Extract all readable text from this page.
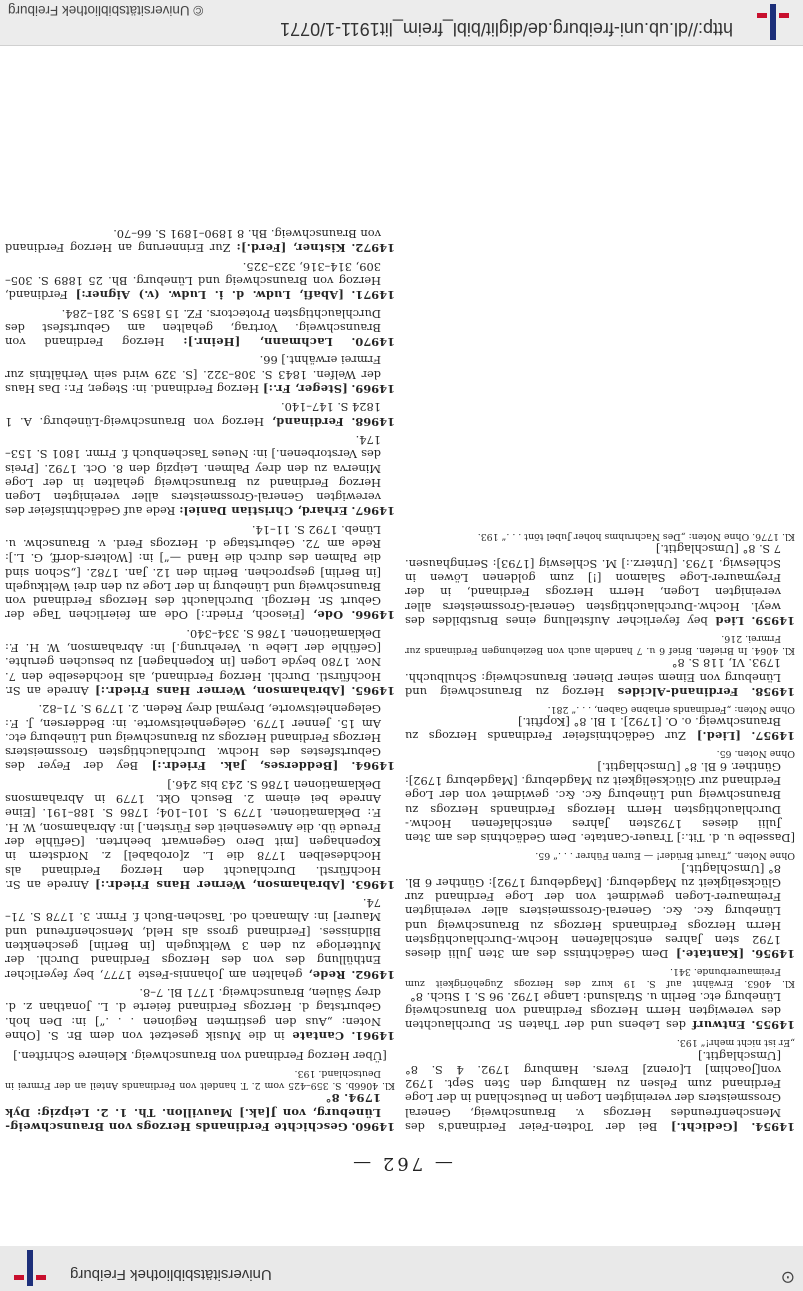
⊙
Universitätsbibliothek Freiburg
— 762 —
14954. [Gedicht.] Bei der Todten-Feier Ferdinand's des Menschenfreundes Herzogs v. Braunschweig, General Grossmeisters der vereinigten Logen in Deutschland in der Loge Ferdinand zum Felsen zu Hamburg den 5ten Sept. 1792 von[Joachim] L[orenz] Evers. Hamburg 1792. 4 S. 8° [Umschlagtit.]
„Er ist nicht mehr!“ 193.
14955. Entwurf des Lebens und der Thaten Sr. Durchlauchten des verewigten Herrn Herzogs Ferdinand von Braunschweig Lüneburg etc. Berlin u. Stralsund: Lange 1792. 96 S. 1 Stich. 8°
Kl. 4063. Erwähnt auf S. 19 kurz des Herzogs Zugehörigkeit zum Freimaurerbunde. 341.
14956. [Kantate.] Dem Gedächtniss des am 3ten Julii dieses 1792 sten Jahres entschlafenen Hochw.-Durchlauchtigsten Herrn Herzogs Ferdinands Herzogs zu Braunschweig und Lüneburg &c. &c. General-Grossmeisters aller vereinigten Freimaurer-Logen gewidmet von der Loge Ferdinand zur Glückseligkeit zu Magdeburg. [Magdeburg 1792]: Günther 6 Bl. 8° [Umschlagtit.]
Ohne Noten. „Traurt Brüder! — Euren Führer . . .“ 65.
[Dasselbe u. d. Tit.:] Trauer-Cantate. Dem Gedächtnis des am 3ten Julii dieses 1792sten Jahres entschlafenen Hochw.-Durchlauchtigsten Herrn Herzogs Ferdinands Herzogs zu Braunschweig und Lüneburg &c. &c. gewidmet von der Loge Ferdinand zur Glückseligkeit zu Magdeburg. [Magdeburg 1792]: Günther. 6 Bl. 8° [Umschlagtit.]
Ohne Noten. 65.
14957. [Lied.] Zur Gedächtnisfeier Ferdinands Herzogs zu Braunschweig. o. O. [1792]. 1 Bl. 8° [Kopftit.]
Ohne Noten: „Ferdinands erhabne Gaben, . . .“ 281.
14958. Ferdinand-Alcides Herzog zu Braunschweig und Lüneburg von Einem seiner Diener. Braunschweig: Schulbuchh. 1793. VI, 118 S. 8°
Kl. 4064. In Briefen. Brief 6 u. 7 handeln auch von Beziehungen Ferdinands zur Frmrei. 216.
14959. Lied bey feyerlicher Aufstellung eines Brustbildes des weyl. Hochw.-Durchlauchtigsten General-Grossmeisters aller vereinigten Logen, Herrn Herzogs Ferdinand, in der Freymaurer-Loge Salamon [!] zum goldenen Löwen in Schleswig. 1793. [Unterz.:] M. Schleswig [1793]: Seringhausen. 7 S. 8° [Umschlagtit.]
Kl. 1776. Ohne Noten: „Des Nachruhms hoher Jubel tönt . . .“ 193.
14960. Geschichte Ferdinands Herzogs von Braunschweig-Lüneburg, von J[ak.] Mauvillon. Th. 1. 2. Leipzig: Dyk 1794. 8°
Kl. 4066b. S. 359–425 vom 2. T. handelt von Ferdinands Anteil an der Frmrei in Deutschland. 193.
[Über Herzog Ferdinand von Braunschweig. Kleinere Schriften.]
14961. Cantate in die Musik gesetzet von dem Br. S. [Ohne Noten: „Aus den gestirnten Regionen . . .“] in: Den hoh. Geburtstag d. Herzogs Ferdinand feierte d. L. Jonathan z. d. drey Säulen, Braunschweig. 1771 Bl. 7–8.
14962. Rede, gehalten am Johannis-Feste 1777, bey feyerlicher Enthüllung des von des Herzogs Ferdinand Durchl. der Mutterloge zu den 3 Weltkugeln [in Berlin] geschenkten Bildnisses. [Ferdinand gross als Held, Menschenfreund und Maurer] in: Almanach od. Taschen-Buch f. Frmr. 3. 1778 S. 71–74.
14963. [Abrahamson, Werner Hans Friedr.:] Anrede an Sr. Hochfürstl. Durchlaucht den Herzog Ferdinand als Hochdeselben 1778 die L. z[orobabel] z. Nordstern in Kopenhagen [mit Dero Gegenwart beehrten. [Gefühle der Freude üb. die Anwesenheit des Fürsten.] in: Abrahamson, W. H. F.: Deklamationen. 1779 S. 101–104; 1786 S. 188–191. [Eine Anrede bei einem 2. Besuch Okt. 1779 in Abrahamsons Deklamationen 1786 S. 243 bis 246.]
14964. [Bedderses, Jak. Friedr.:] Bey der Feyer des Geburtsfestes des Hochw. Durchlauchtigsten Grossmeisters Herzogs Ferdinand Herzogs zu Braunschweig und Lüneburg etc. Am 15. Jenner 1779. Gelegenheitsworte. in: Beddersen, J. F.: Gelegenheitsworte, Dreymal drey Reden. 2. 1779 S. 71–82.
14965. [Abrahamson, Werner Hans Friedr.:] Anrede an Sr. Hochfürstl. Durchl. Herzog Ferdinand, als Hochdeselbe den 7. Nov. 1780 beyde Logen [in Kopenhagen] zu besuchen geruhte. [Gefühle der Liebe u. Verehrung.] in: Abrahamson, W. H. F.: Deklamationen. 1786 S. 334–340.
14966. Ode, [Fiesoch, Friedr.:] Ode am feierlichen Tage der Geburt Sr. Herzogl. Durchlaucht des Herzogs Ferdinand von Braunschweig und Lüneburg in der Loge zu den drei Weltkugeln [in Berlin] gesprochen. Berlin den 12. Jan. 1782. [„Schon sind die Palmen des durch die Hand —“] in: [Wolters-dorff, G. L.]: Rede am 72. Geburtstage d. Herzogs Ferd. v. Braunschw. u. Lüneb. 1792 S. 11–14.
14967. Erhard, Christian Daniel: Rede auf Gedächtnisfeier des verewigten General-Grossmeisters aller vereinigten Logen Herzog Ferdinand zu Braunschweig gehalten in der Loge Minerva zu den drey Palmen. Leipzig den 8. Oct. 1792. [Preis des Verstorbenen.] in: Neues Taschenbuch f. Frmr. 1801 S. 153–174.
14968. Ferdinand, Herzog von Braunschweig-Lüneburg. A. 1 1824 S. 147–140.
14969. [Steger, Fr.:] Herzog Ferdinand. in: Steger, Fr.: Das Haus der Welfen. 1843 S. 308–322. [S. 329 wird sein Verhältnis zur Frmrei erwähnt.] 66.
14970. Lachmann, [Heinr.]: Herzog Ferdinand von Braunschweig. Vortrag, gehalten am Geburtsfest des Durchlauchtigsten Protectors. FZ. 15 1859 S. 281–284.
14971. [Abafi, Ludw. d. i. Ludw. (v.) Aigner:] Ferdinand, Herzog von Braunschweig und Lüneburg. Bh. 25 1889 S. 305–309, 314–316, 323–325.
14972. Kistner, [Ferd.]: Zur Erinnerung an Herzog Ferdinand von Braunschweig. Bh. 8 1890–1891 S. 66–70.
http://dl.ub.uni-freiburg.de/diglit/bibl_freim_lit1911-1/0771
© Universitätsbibliothek Freiburg
